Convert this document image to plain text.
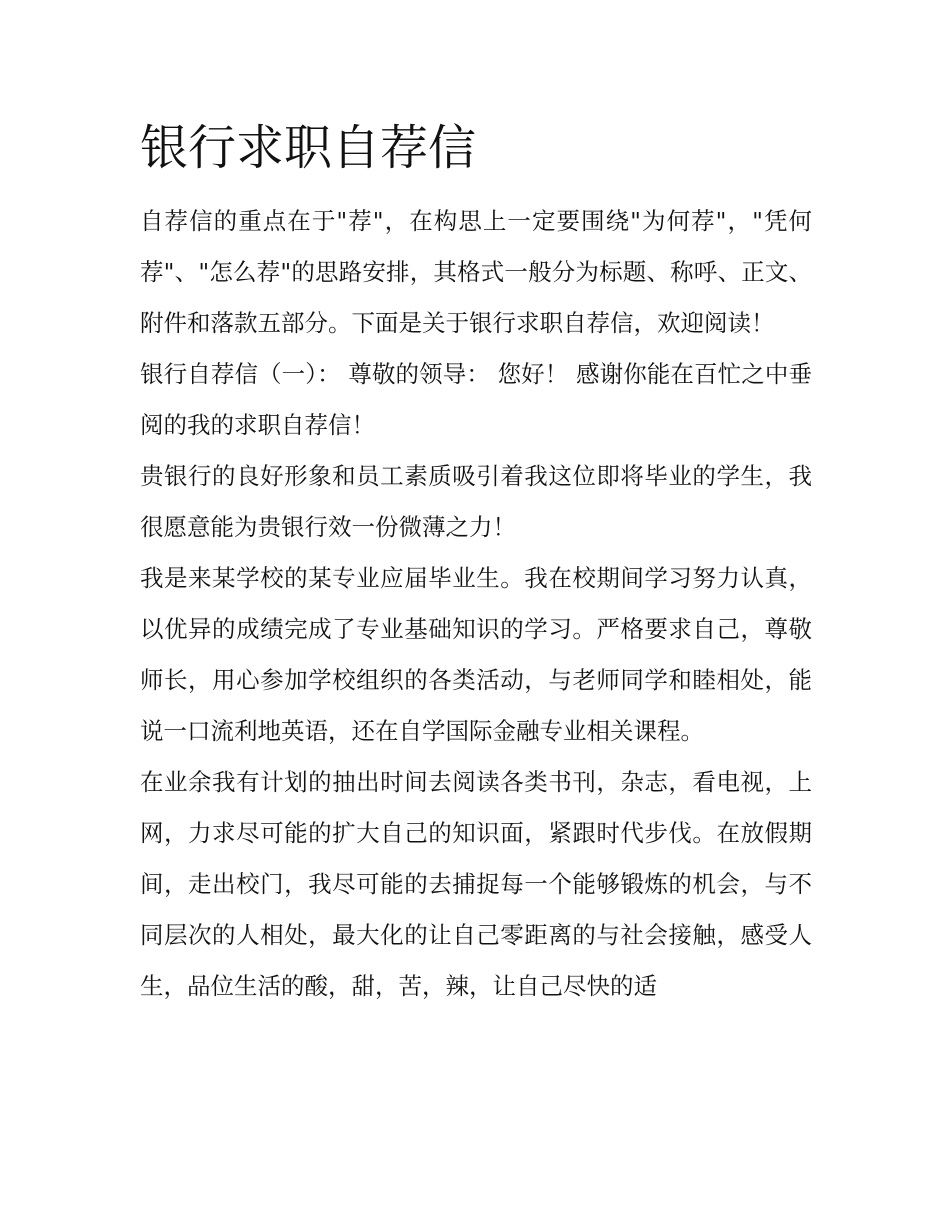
银行求职自荐信

自荐信的重点在于"荐"，在构思上一定要围绕"为何荐"，"凭何荐"、"怎么荐"的思路安排，其格式一般分为标题、称呼、正文、附件和落款五部分。下面是关于银行求职自荐信，欢迎阅读！

银行自荐信（一）： 尊敬的领导： 您好！ 感谢你能在百忙之中垂阅的我的求职自荐信！

贵银行的良好形象和员工素质吸引着我这位即将毕业的学生，我很愿意能为贵银行效一份微薄之力！

我是来某学校的某专业应届毕业生。我在校期间学习努力认真，以优异的成绩完成了专业基础知识的学习。严格要求自己，尊敬师长，用心参加学校组织的各类活动，与老师同学和睦相处，能说一口流利地英语，还在自学国际金融专业相关课程。

在业余我有计划的抽出时间去阅读各类书刊，杂志，看电视，上网，力求尽可能的扩大自己的知识面，紧跟时代步伐。在放假期间，走出校门，我尽可能的去捕捉每一个能够锻炼的机会，与不同层次的人相处，最大化的让自己零距离的与社会接触，感受人生，品位生活的酸，甜，苦，辣，让自己尽快的适
